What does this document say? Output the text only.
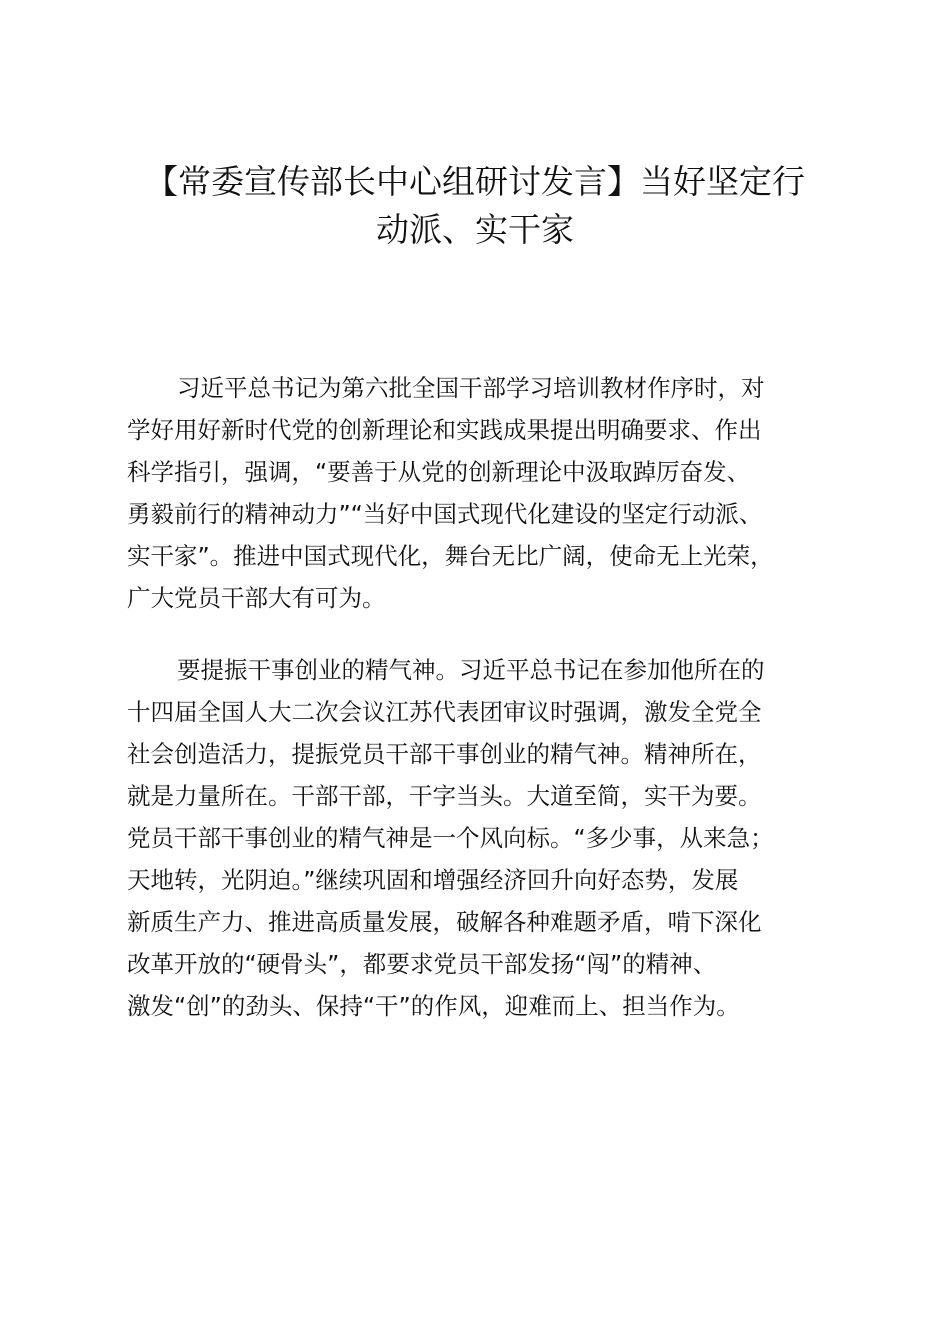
【常委宣传部长中心组研讨发言】当好坚定行
动派、实干家

习近平总书记为第六批全国干部学习培训教材作序时，对
学好用好新时代党的创新理论和实践成果提出明确要求、作出
科学指引，强调，“要善于从党的创新理论中汲取踔厉奋发、
勇毅前行的精神动力”“当好中国式现代化建设的坚定行动派、
实干家”。推进中国式现代化，舞台无比广阔，使命无上光荣，
广大党员干部大有可为。

要提振干事创业的精气神。习近平总书记在参加他所在的
十四届全国人大二次会议江苏代表团审议时强调，激发全党全
社会创造活力，提振党员干部干事创业的精气神。精神所在，
就是力量所在。干部干部，干字当头。大道至简，实干为要。
党员干部干事创业的精气神是一个风向标。“多少事，从来急；
天地转，光阴迫。”继续巩固和增强经济回升向好态势，发展
新质生产力、推进高质量发展，破解各种难题矛盾，啃下深化
改革开放的“硬骨头”，都要求党员干部发扬“闯”的精神、
激发“创”的劲头、保持“干”的作风，迎难而上、担当作为。
